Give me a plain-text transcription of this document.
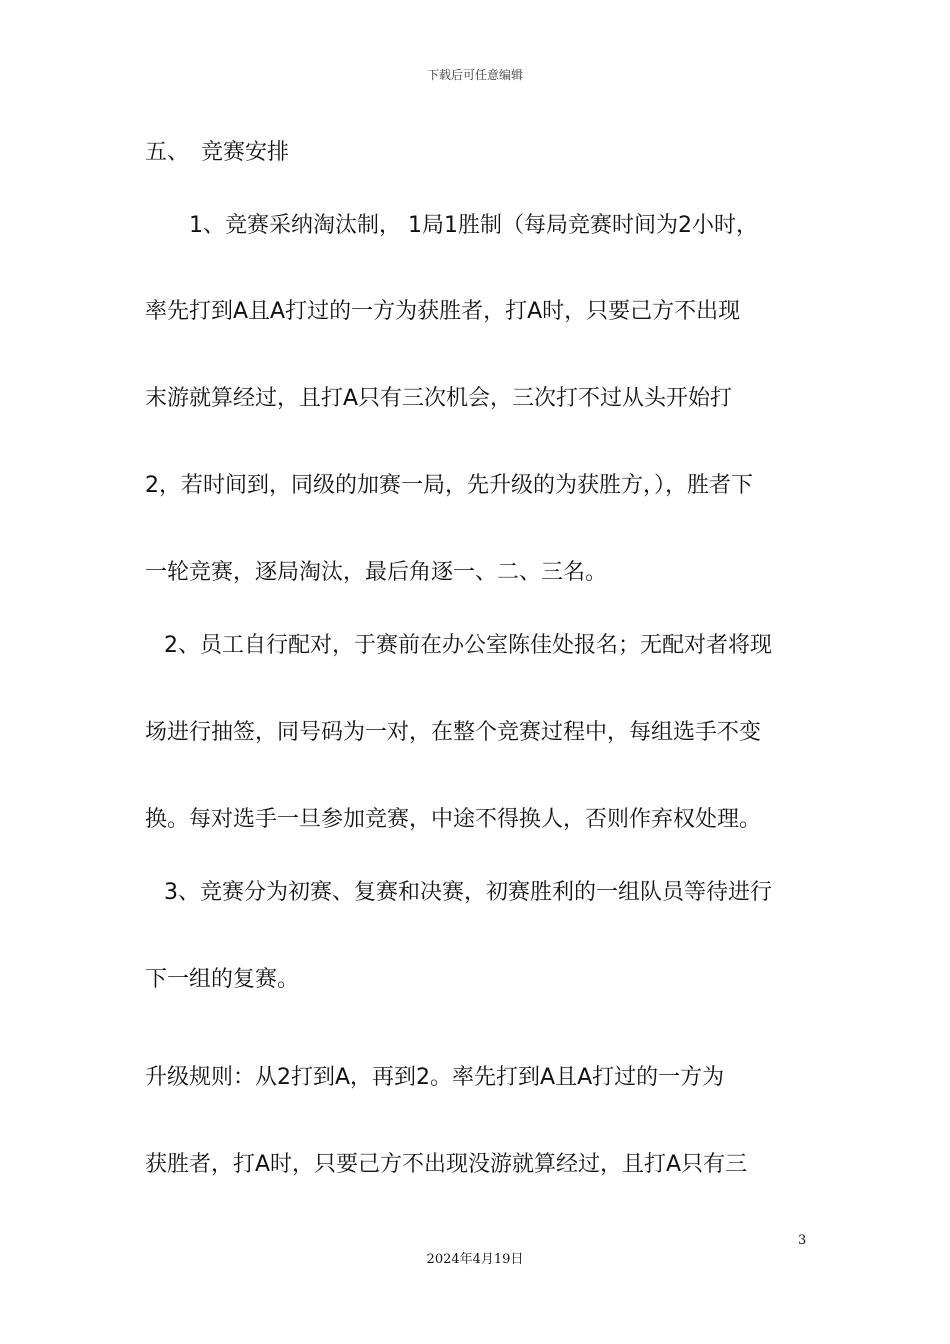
下载后可任意编辑
五、 竞赛安排
1、竞赛采纳淘汰制， 1局1胜制（每局竞赛时间为2小时，
率先打到A且A打过的一方为获胜者，打A时，只要己方不出现
末游就算经过，且打A只有三次机会，三次打不过从头开始打
2，若时间到，同级的加赛一局，先升级的为获胜方，），胜者下
一轮竞赛，逐局淘汰，最后角逐一、二、三名。
2、员工自行配对，于赛前在办公室陈佳处报名；无配对者将现
场进行抽签，同号码为一对，在整个竞赛过程中，每组选手不变
换。每对选手一旦参加竞赛，中途不得换人，否则作弃权处理。
3、竞赛分为初赛、复赛和决赛，初赛胜利的一组队员等待进行
下一组的复赛。
升级规则：从2打到A，再到2。率先打到A且A打过的一方为
获胜者，打A时，只要己方不出现没游就算经过，且打A只有三
3
2024年4月19日
